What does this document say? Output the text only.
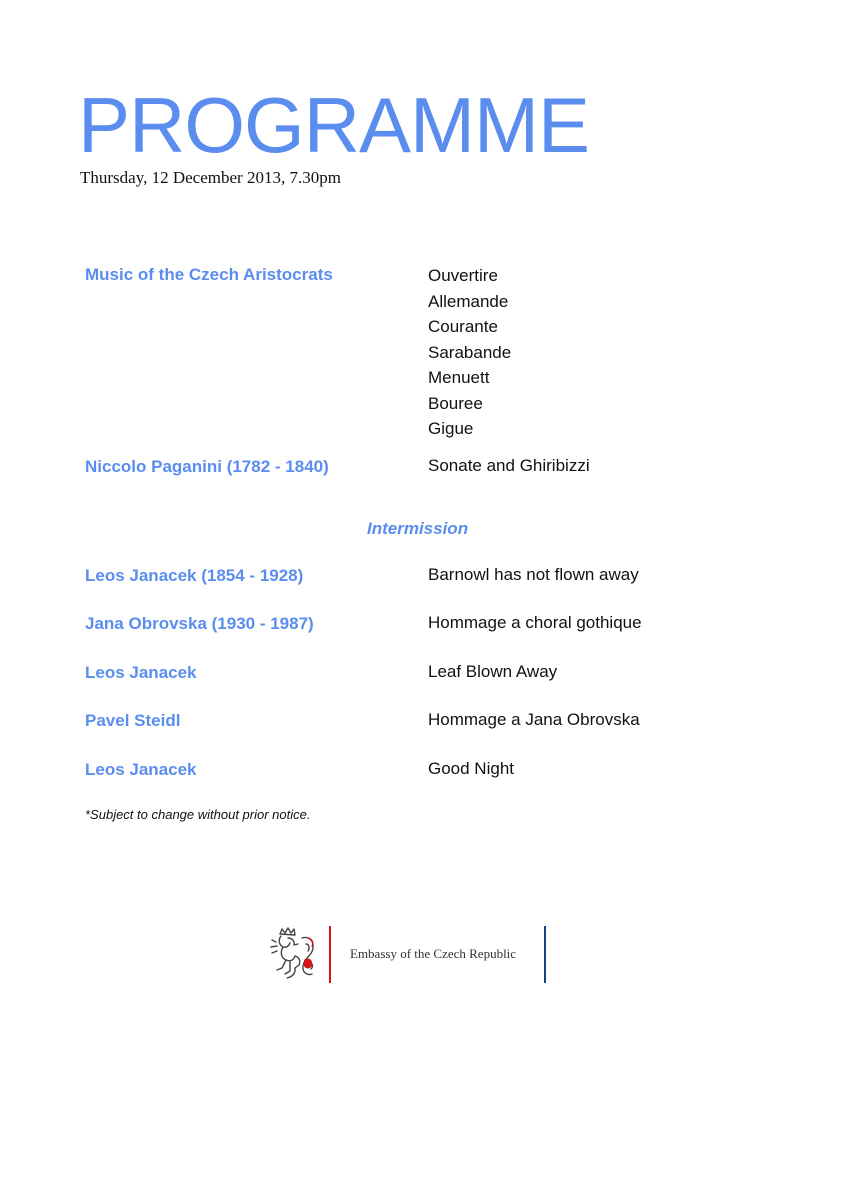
PROGRAMME
Thursday, 12 December 2013, 7.30pm
Music of the Czech Aristocrats	Ouvertire
Allemande
Courante
Sarabande
Menuett
Bouree
Gigue
Niccolo Paganini (1782 - 1840)	Sonate and Ghiribizzi
Intermission
Leos Janacek (1854 - 1928)	Barnowl has not flown away
Jana Obrovska (1930 - 1987)	Hommage a choral gothique
Leos Janacek	Leaf Blown Away
Pavel Steidl	Hommage a Jana Obrovska
Leos Janacek	Good Night
*Subject to change without prior notice.
Embassy of the Czech Republic
